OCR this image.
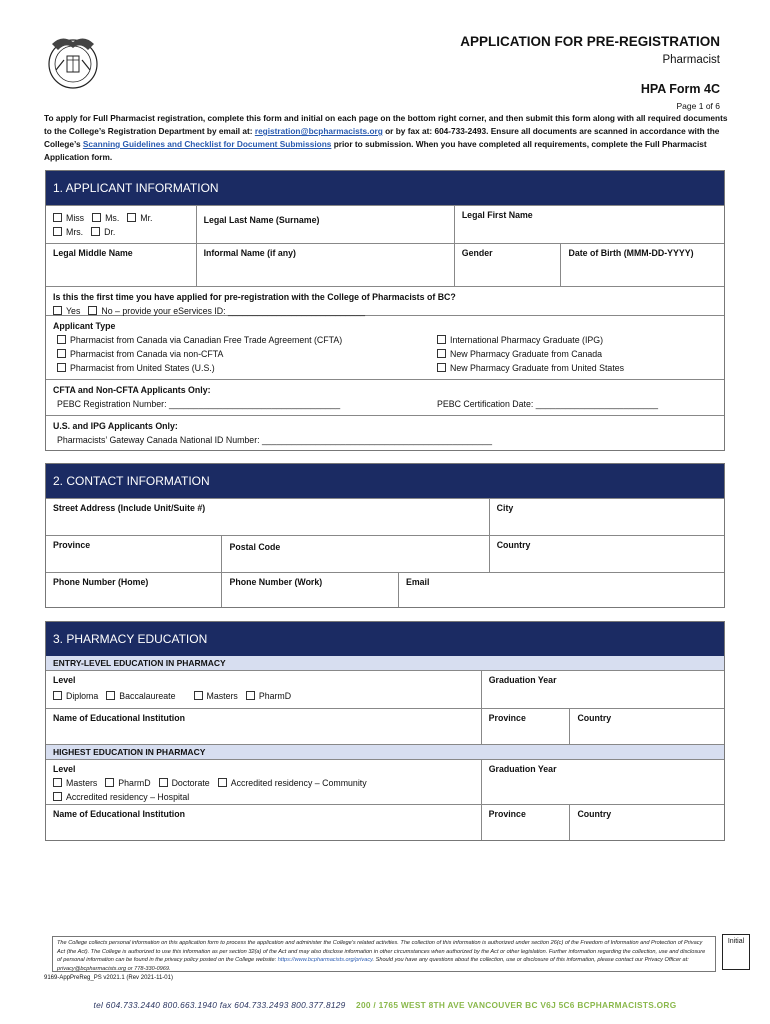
APPLICATION FOR PRE-REGISTRATION
Pharmacist
HPA Form 4C
Page 1 of 6
To apply for Full Pharmacist registration, complete this form and initial on each page on the bottom right corner, and then submit this form along with all required documents to the College’s Registration Department by email at: registration@bcpharmacists.org or by fax at: 604-733-2493. Ensure all documents are scanned in accordance with the College’s Scanning Guidelines and Checklist for Document Submissions prior to submission. When you have completed all requirements, complete the Full Pharmacist Application form.
1. APPLICANT INFORMATION
Miss Ms. Mr.
Mrs. Dr.
Legal Last Name (Surname)	Legal First Name
Legal Middle Name	Informal Name (if any)	Gender	Date of Birth (MMM-DD-YYYY)
Is this the first time you have applied for pre-registration with the College of Pharmacists of BC?
Yes No – provide your eServices ID: ____________________________
Applicant Type
Pharmacist from Canada via Canadian Free Trade Agreement (CFTA)
Pharmacist from Canada via non-CFTA
Pharmacist from United States (U.S.)
International Pharmacy Graduate (IPG)
New Pharmacy Graduate from Canada
New Pharmacy Graduate from United States
CFTA and Non-CFTA Applicants Only:
PEBC Registration Number: ___________________________________	PEBC Certification Date: _________________________
U.S. and IPG Applicants Only:
Pharmacists’ Gateway Canada National ID Number: _______________________________________________
2. CONTACT INFORMATION
Street Address (Include Unit/Suite #)	City
Province	Postal Code	Country
Phone Number (Home)	Phone Number (Work)	Email
3. PHARMACY EDUCATION
ENTRY-LEVEL EDUCATION IN PHARMACY
Level
Diploma Baccalaureate	Masters PharmD
Graduation Year
Name of Educational Institution	Province	Country
HIGHEST EDUCATION IN PHARMACY
Level
Masters PharmD Doctorate Accredited residency – Community
Accredited residency – Hospital
Graduation Year
Name of Educational Institution	Province	Country
The College collects personal information on this application form to process the application and administer the College's related activities. The collection of this information is authorized under section 26(c) of the Freedom of Information and Protection of Privacy Act (the Act). The College is authorized to use this information as per section 32(a) of the Act and may also disclose information in other circumstances when authorized by the Act or other legislation. Further information regarding the collection, use and disclosure of personal information can be found in the privacy policy posted on the College website: https://www.bcpharmacists.org/privacy. Should you have any questions about the collection, use or disclosure of this information, please contact our Privacy Officer at: privacy@bcpharmacists.org or 778-330-0969.
Initial
9169-AppPreReg_PS v2021.1 (Rev 2021-11-01)
tel 604.733.2440 800.663.1940 fax 604.733.2493 800.377.8129 200 / 1765 WEST 8TH AVE VANCOUVER BC V6J 5C6 BCPHARMACISTS.ORG
